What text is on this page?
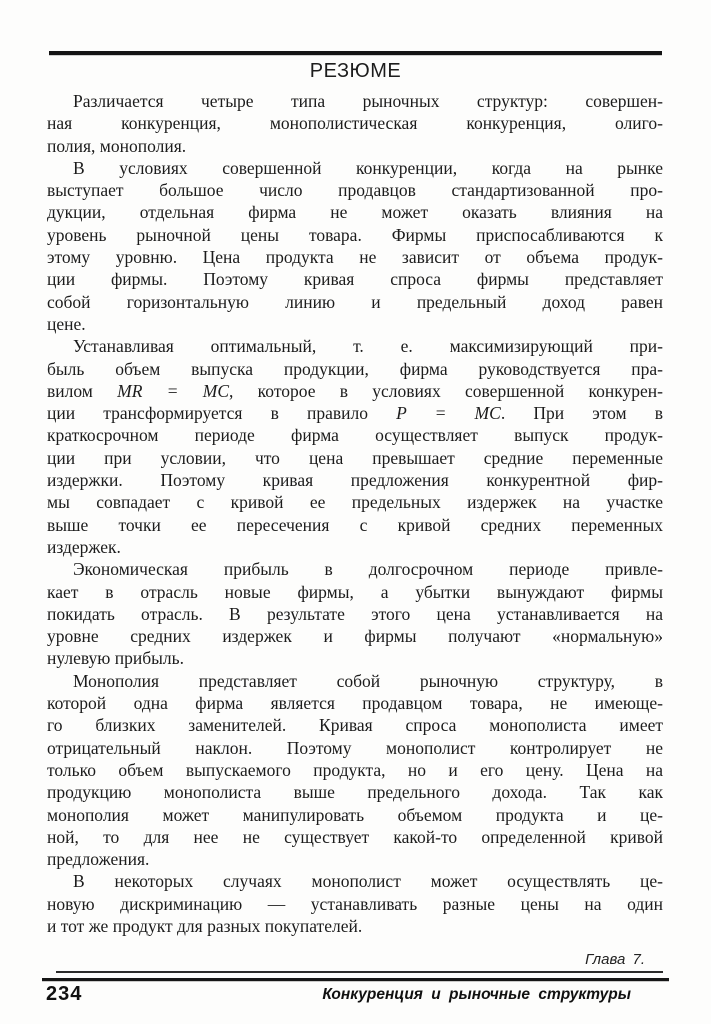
РЕЗЮМЕ
Различается четыре типа рыночных структур: совершен-
ная конкуренция, монополистическая конкуренция, олиго-
полия, монополия.
В условиях совершенной конкуренции, когда на рынке
выступает большое число продавцов стандартизованной про-
дукции, отдельная фирма не может оказать влияния на
уровень рыночной цены товара. Фирмы приспосабливаются к
этому уровню. Цена продукта не зависит от объема продук-
ции фирмы. Поэтому кривая спроса фирмы представляет
собой горизонтальную линию и предельный доход равен
цене.
Устанавливая оптимальный, т. е. максимизирующий при-
быль объем выпуска продукции, фирма руководствуется пра-
вилом MR = MC, которое в условиях совершенной конкурен-
ции трансформируется в правило P = MC. При этом в
краткосрочном периоде фирма осуществляет выпуск продук-
ции при условии, что цена превышает средние переменные
издержки. Поэтому кривая предложения конкурентной фир-
мы совпадает с кривой ее предельных издержек на участке
выше точки ее пересечения с кривой средних переменных
издержек.
Экономическая прибыль в долгосрочном периоде привле-
кает в отрасль новые фирмы, а убытки вынуждают фирмы
покидать отрасль. В результате этого цена устанавливается на
уровне средних издержек и фирмы получают «нормальную»
нулевую прибыль.
Монополия представляет собой рыночную структуру, в
которой одна фирма является продавцом товара, не имеюще-
го близких заменителей. Кривая спроса монополиста имеет
отрицательный наклон. Поэтому монополист контролирует не
только объем выпускаемого продукта, но и его цену. Цена на
продукцию монополиста выше предельного дохода. Так как
монополия может манипулировать объемом продукта и це-
ной, то для нее не существует какой-то определенной кривой
предложения.
В некоторых случаях монополист может осуществлять це-
новую дискриминацию — устанавливать разные цены на один
и тот же продукт для разных покупателей.
Глава 7.
234	Конкуренция и рыночные структуры
